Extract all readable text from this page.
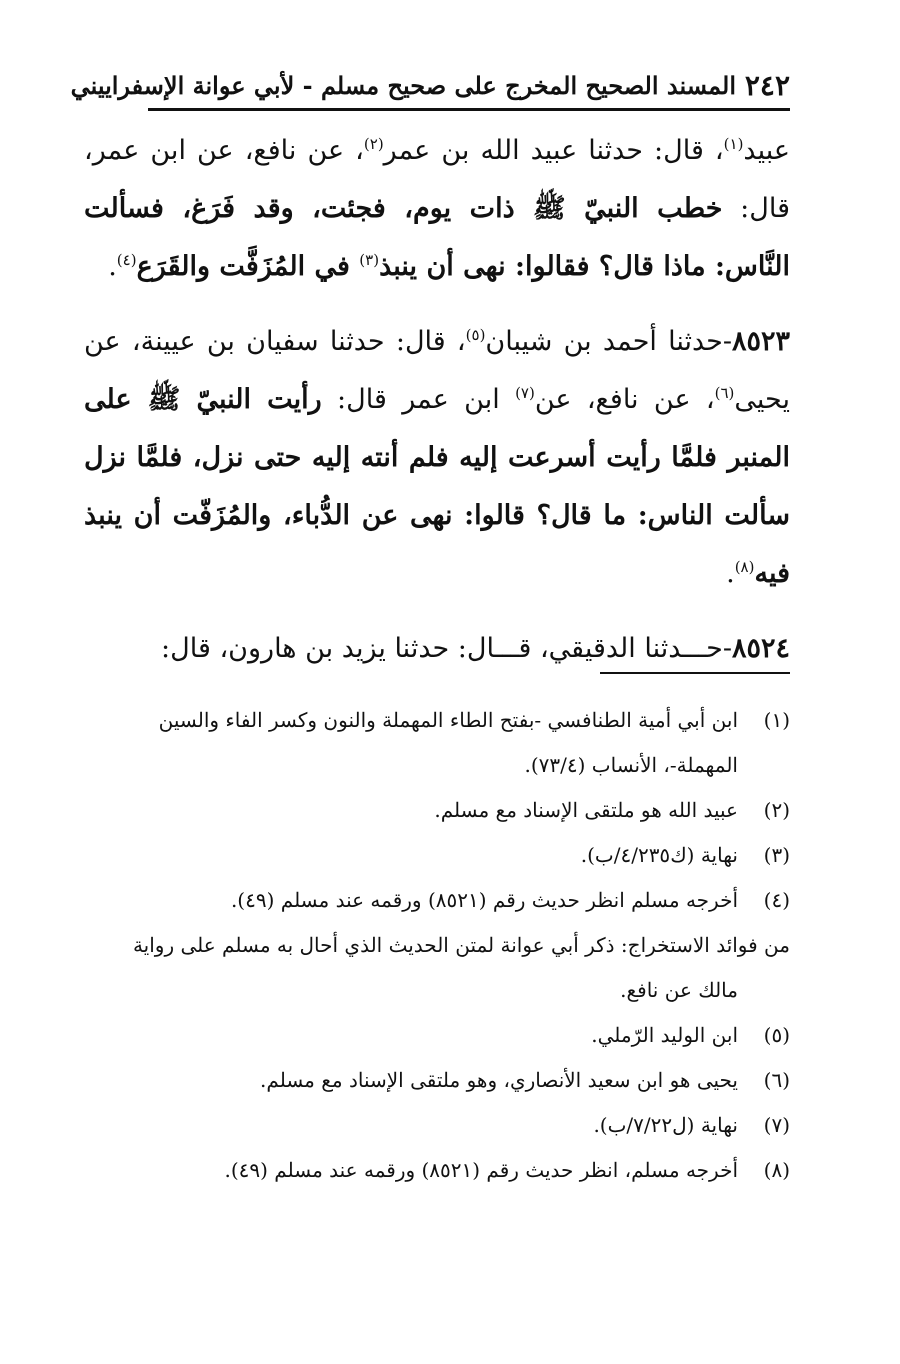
٢٤٢
المسند الصحيح المخرج على صحيح مسلم - لأبي عوانة الإسفراييني

عبيد$^{(١)}$، قال: حدثنا عبيد الله بن عمر$^{(٢)}$، عن نافع، عن ابن عمر، قال: خطب النبيّ ﷺ ذات يوم، فجئت، وقد فَرَغ، فسألت النَّاس: ماذا قال؟ فقالوا: نهى أن ينبذ$^{(٣)}$ في المُزَفَّت والقَرَع$^{(٤)}$.

٨٥٢٣-حدثنا أحمد بن شيبان$^{(٥)}$، قال: حدثنا سفيان بن عيينة، عن يحيى$^{(٦)}$، عن نافع، عن$^{(٧)}$ ابن عمر قال: رأيت النبيّ ﷺ على المنبر فلمَّا رأيت أسرعت إليه فلم أنته إليه حتى نزل، فلمَّا نزل سألت الناس: ما قال؟ قالوا: نهى عن الدُّباء، والمُزَفّت أن ينبذ فيه$^{(٨)}$.

٨٥٢٤-حـــدثنا الدقيقي، قـــال: حدثنا يزيد بن هارون، قال:

(١)
ابن أبي أمية الطنافسي -بفتح الطاء المهملة والنون وكسر الفاء والسين المهملة-، الأنساب (٧٣/٤).
(٢)
عبيد الله هو ملتقى الإسناد مع مسلم.
(٣)
نهاية (ك٤/٢٣٥/ب).
(٤)
أخرجه مسلم انظر حديث رقم (٨٥٢١) ورقمه عند مسلم (٤٩).
من فوائد الاستخراج: ذكر أبي عوانة لمتن الحديث الذي أحال به مسلم على رواية
مالك عن نافع.
(٥)
ابن الوليد الرّملي.
(٦)
يحيى هو ابن سعيد الأنصاري، وهو ملتقى الإسناد مع مسلم.
(٧)
نهاية (ل٧/٢٢/ب).
(٨)
أخرجه مسلم، انظر حديث رقم (٨٥٢١) ورقمه عند مسلم (٤٩).
